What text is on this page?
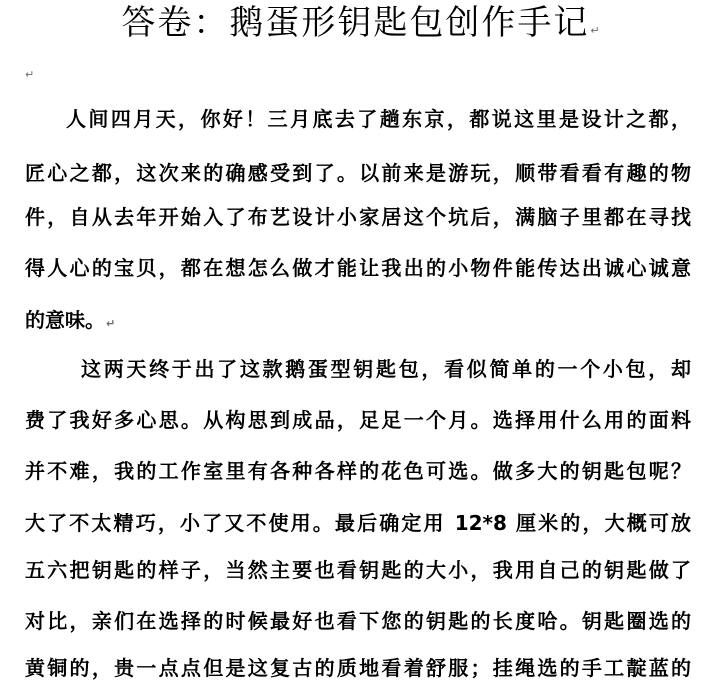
答卷：鹅蛋形钥匙包创作手记↵
↵
人间四月天，你好！三月底去了趟东京，都说这里是设计之都，
匠心之都，这次来的确感受到了。以前来是游玩，顺带看看有趣的物
件，自从去年开始入了布艺设计小家居这个坑后，满脑子里都在寻找
得人心的宝贝，都在想怎么做才能让我出的小物件能传达出诚心诚意
的意味。↵
这两天终于出了这款鹅蛋型钥匙包，看似简单的一个小包，却
费了我好多心思。从构思到成品，足足一个月。选择用什么用的面料
并不难，我的工作室里有各种各样的花色可选。做多大的钥匙包呢？
大了不太精巧，小了又不使用。最后确定用 12*8 厘米的，大概可放
五六把钥匙的样子，当然主要也看钥匙的大小，我用自己的钥匙做了
对比，亲们在选择的时候最好也看下您的钥匙的长度哈。钥匙圈选的
黄铜的，贵一点点但是这复古的质地看着舒服；挂绳选的手工靛蓝的
